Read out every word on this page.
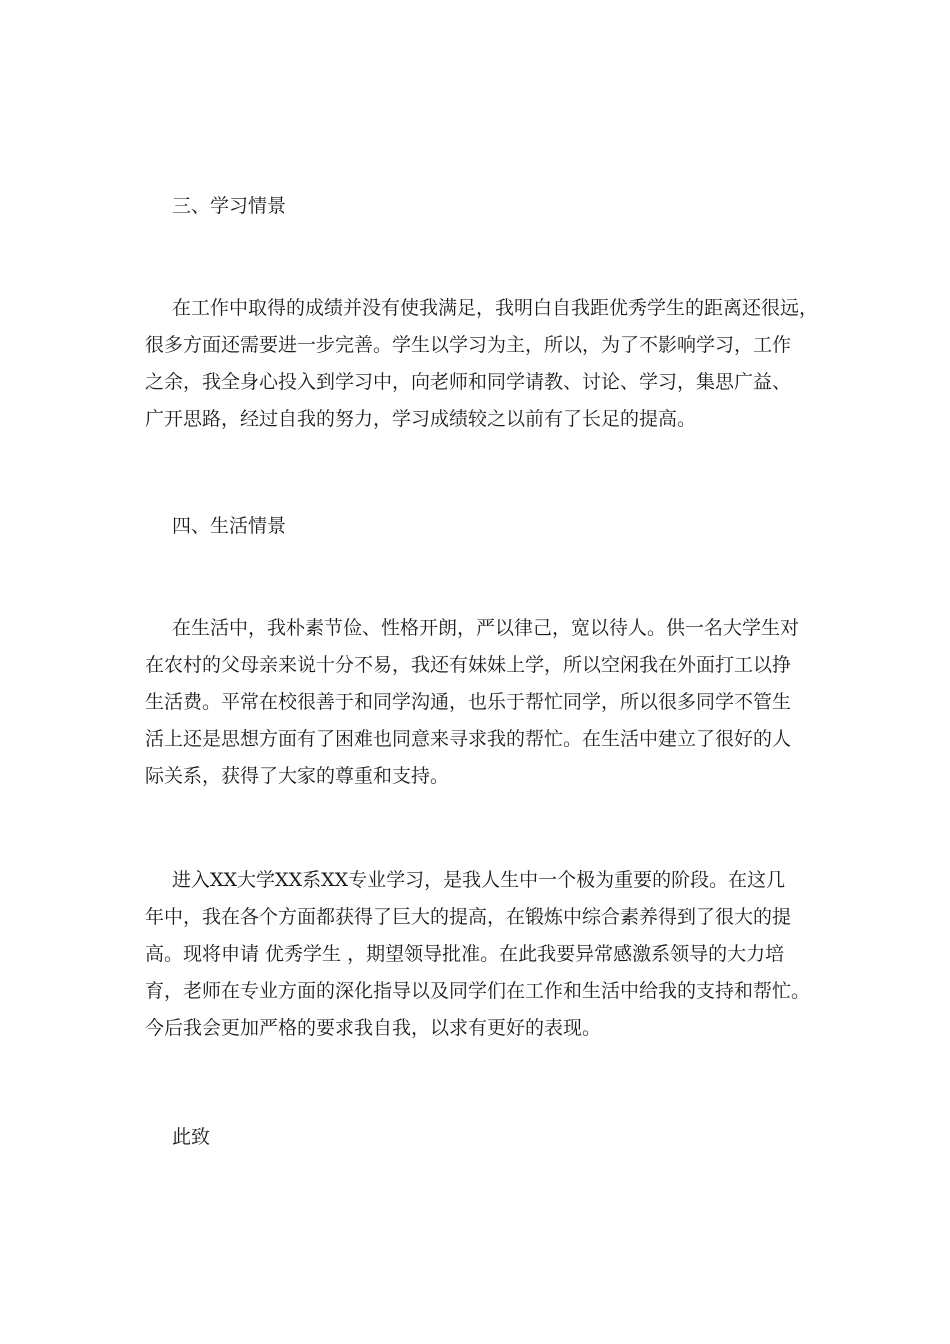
三、学习情景
在工作中取得的成绩并没有使我满足，我明白自我距优秀学生的距离还很远，
很多方面还需要进一步完善。学生以学习为主，所以，为了不影响学习，工作
之余，我全身心投入到学习中，向老师和同学请教、讨论、学习，集思广益、
广开思路，经过自我的努力，学习成绩较之以前有了长足的提高。
四、生活情景
在生活中，我朴素节俭、性格开朗，严以律己，宽以待人。供一名大学生对
在农村的父母亲来说十分不易，我还有妹妹上学，所以空闲我在外面打工以挣
生活费。平常在校很善于和同学沟通，也乐于帮忙同学，所以很多同学不管生
活上还是思想方面有了困难也同意来寻求我的帮忙。在生活中建立了很好的人
际关系，获得了大家的尊重和支持。
进入XX大学XX系XX专业学习，是我人生中一个极为重要的阶段。在这几
年中，我在各个方面都获得了巨大的提高，在锻炼中综合素养得到了很大的提
高。现将申请 优秀学生 ，期望领导批准。在此我要异常感激系领导的大力培
育，老师在专业方面的深化指导以及同学们在工作和生活中给我的支持和帮忙。
今后我会更加严格的要求我自我，以求有更好的表现。
此致
